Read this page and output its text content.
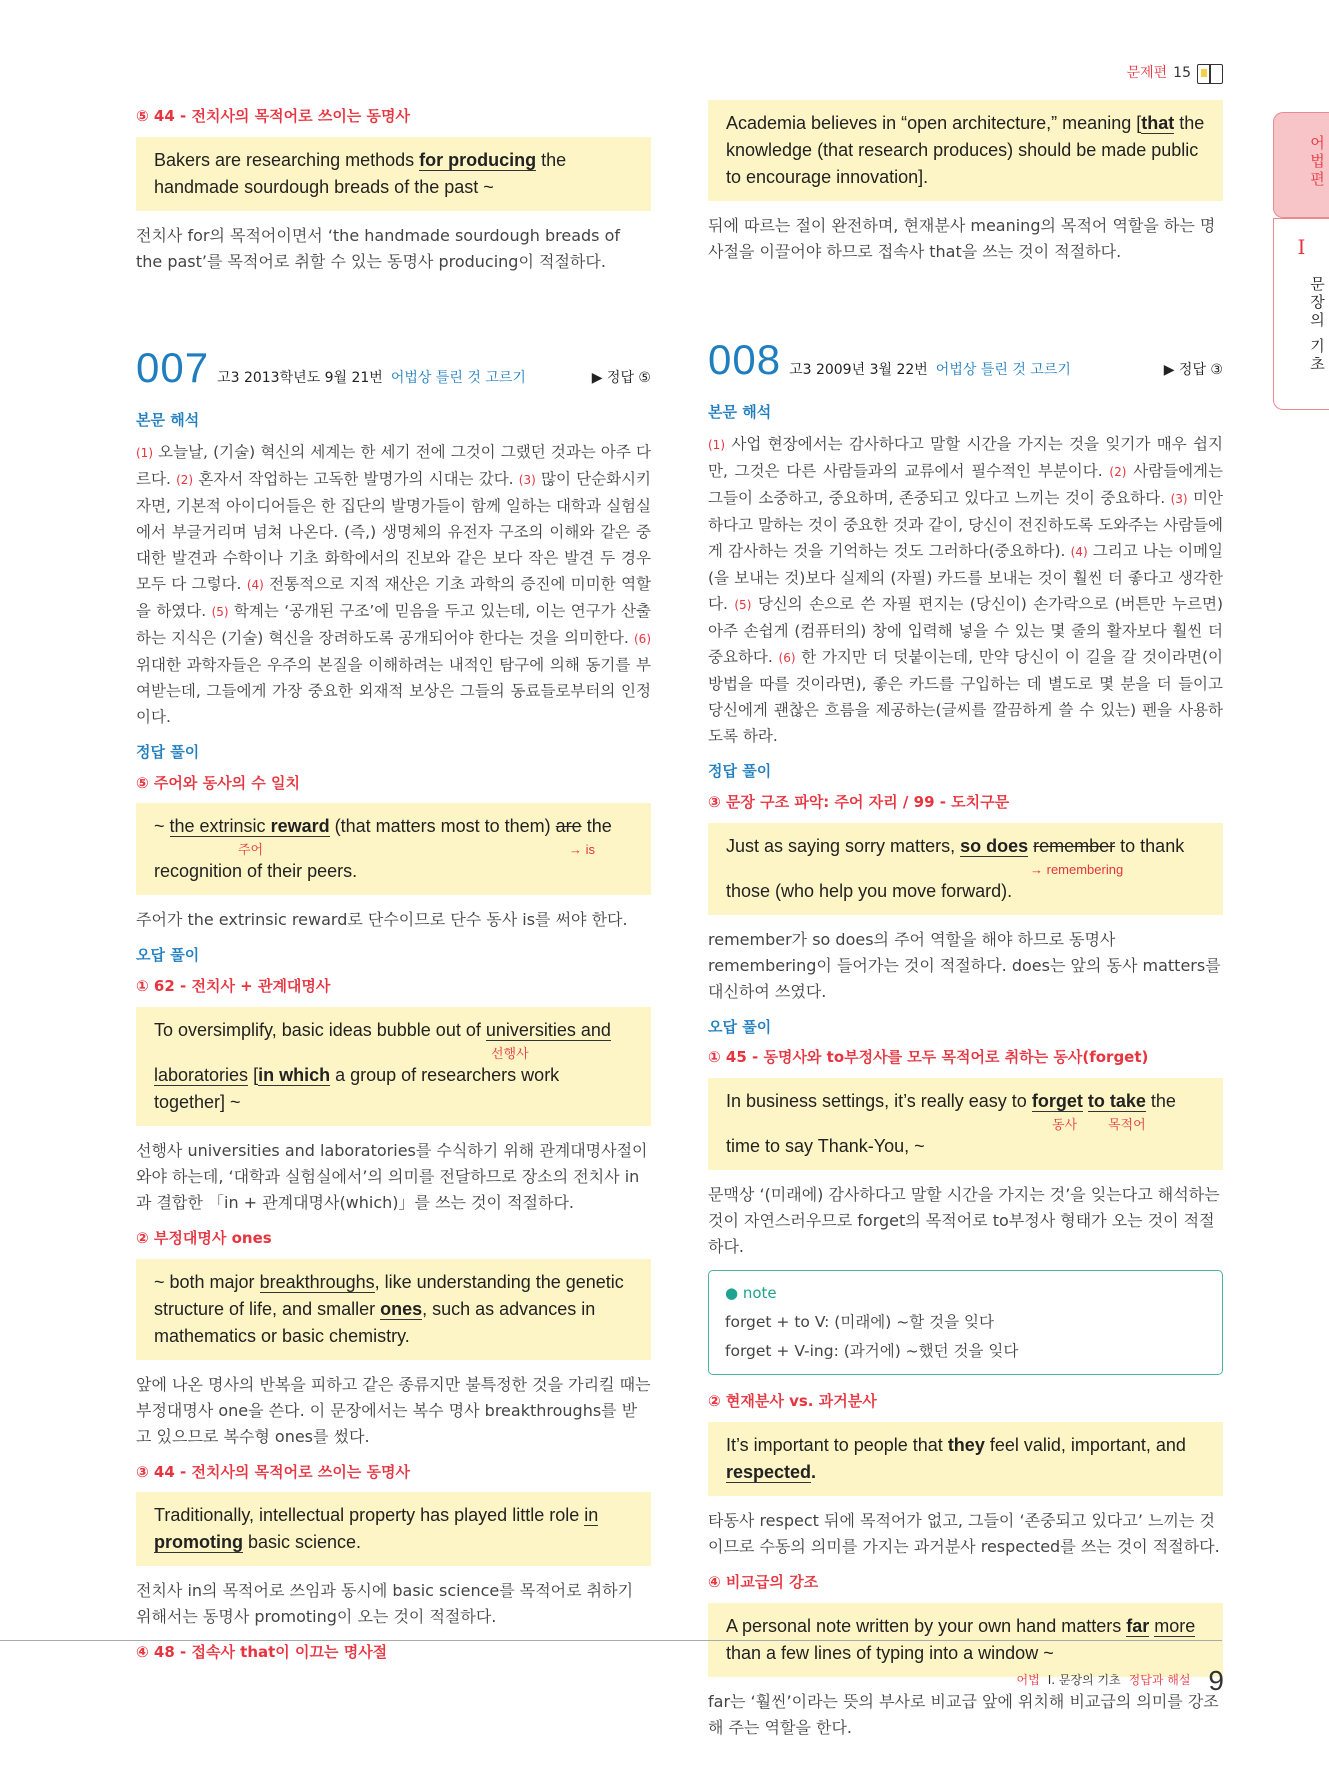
문제편 15
어법편
I
문장의 기초
⑤ 44 - 전치사의 목적어로 쓰이는 동명사
Bakers are researching methods for producing the handmade sourdough breads of the past ~
전치사 for의 목적어이면서 ‘the handmade sourdough breads of the past’를 목적어로 취할 수 있는 동명사 producing이 적절하다.
007 고3 2013학년도 9월 21번 어법상 틀린 것 고르기	▶ 정답 ⑤
본문 해석
(1) 오늘날, (기술) 혁신의 세계는 한 세기 전에 그것이 그랬던 것과는 아주 다르다. (2) 혼자서 작업하는 고독한 발명가의 시대는 갔다. (3) 많이 단순화시키자면, 기본적 아이디어들은 한 집단의 발명가들이 함께 일하는 대학과 실험실에서 부글거리며 넘쳐 나온다. (즉,) 생명체의 유전자 구조의 이해와 같은 중대한 발견과 수학이나 기초 화학에서의 진보와 같은 보다 작은 발견 두 경우 모두 다 그렇다. (4) 전통적으로 지적 재산은 기초 과학의 증진에 미미한 역할을 하였다. (5) 학계는 ‘공개된 구조’에 믿음을 두고 있는데, 이는 연구가 산출하는 지식은 (기술) 혁신을 장려하도록 공개되어야 한다는 것을 의미한다. (6) 위대한 과학자들은 우주의 본질을 이해하려는 내적인 탐구에 의해 동기를 부여받는데, 그들에게 가장 중요한 외재적 보상은 그들의 동료들로부터의 인정이다.
정답 풀이
⑤ 주어와 동사의 수 일치
~ the extrinsic reward (that matters most to them) are the
주어	→ is
recognition of their peers.
주어가 the extrinsic reward로 단수이므로 단수 동사 is를 써야 한다.
오답 풀이
① 62 - 전치사 + 관계대명사
To oversimplify, basic ideas bubble out of universities and
선행사
laboratories [in which a group of researchers work together] ~
선행사 universities and laboratories를 수식하기 위해 관계대명사절이 와야 하는데, ‘대학과 실험실에서’의 의미를 전달하므로 장소의 전치사 in과 결합한 「in + 관계대명사(which)」를 쓰는 것이 적절하다.
② 부정대명사 ones
~ both major breakthroughs, like understanding the genetic structure of life, and smaller ones, such as advances in mathematics or basic chemistry.
앞에 나온 명사의 반복을 피하고 같은 종류지만 불특정한 것을 가리킬 때는 부정대명사 one을 쓴다. 이 문장에서는 복수 명사 breakthroughs를 받고 있으므로 복수형 ones를 썼다.
③ 44 - 전치사의 목적어로 쓰이는 동명사
Traditionally, intellectual property has played little role in
promoting basic science.
전치사 in의 목적어로 쓰임과 동시에 basic science를 목적어로 취하기 위해서는 동명사 promoting이 오는 것이 적절하다.
④ 48 - 접속사 that이 이끄는 명사절
Academia believes in “open architecture,” meaning [that the knowledge (that research produces) should be made public to encourage innovation].
뒤에 따르는 절이 완전하며, 현재분사 meaning의 목적어 역할을 하는 명사절을 이끌어야 하므로 접속사 that을 쓰는 것이 적절하다.
008 고3 2009년 3월 22번 어법상 틀린 것 고르기	▶ 정답 ③
본문 해석
(1) 사업 현장에서는 감사하다고 말할 시간을 가지는 것을 잊기가 매우 쉽지만, 그것은 다른 사람들과의 교류에서 필수적인 부분이다. (2) 사람들에게는 그들이 소중하고, 중요하며, 존중되고 있다고 느끼는 것이 중요하다. (3) 미안하다고 말하는 것이 중요한 것과 같이, 당신이 전진하도록 도와주는 사람들에게 감사하는 것을 기억하는 것도 그러하다(중요하다). (4) 그리고 나는 이메일(을 보내는 것)보다 실제의 (자필) 카드를 보내는 것이 훨씬 더 좋다고 생각한다. (5) 당신의 손으로 쓴 자필 편지는 (당신이) 손가락으로 (버튼만 누르면) 아주 손쉽게 (컴퓨터의) 창에 입력해 넣을 수 있는 몇 줄의 활자보다 훨씬 더 중요하다. (6) 한 가지만 더 덧붙이는데, 만약 당신이 이 길을 갈 것이라면(이 방법을 따를 것이라면), 좋은 카드를 구입하는 데 별도로 몇 분을 더 들이고 당신에게 괜찮은 흐름을 제공하는(글씨를 깔끔하게 쓸 수 있는) 펜을 사용하도록 하라.
정답 풀이
③ 문장 구조 파악: 주어 자리 / 99 - 도치구문
Just as saying sorry matters, so does remember to thank
→ remembering
those (who help you move forward).
remember가 so does의 주어 역할을 해야 하므로 동명사 remembering이 들어가는 것이 적절하다. does는 앞의 동사 matters를 대신하여 쓰였다.
오답 풀이
① 45 - 동명사와 to부정사를 모두 목적어로 취하는 동사(forget)
In business settings, it’s really easy to forget to take the
동사 목적어
time to say Thank-You, ~
문맥상 ‘(미래에) 감사하다고 말할 시간을 가지는 것’을 잊는다고 해석하는 것이 자연스러우므로 forget의 목적어로 to부정사 형태가 오는 것이 적절하다.
● note
forget + to V: (미래에) ~할 것을 잊다
forget + V-ing: (과거에) ~했던 것을 잊다
② 현재분사 vs. 과거분사
It’s important to people that they feel valid, important, and respected.
타동사 respect 뒤에 목적어가 없고, 그들이 ‘존중되고 있다고’ 느끼는 것이므로 수동의 의미를 가지는 과거분사 respected를 쓰는 것이 적절하다.
④ 비교급의 강조
A personal note written by your own hand matters far more than a few lines of typing into a window ~
far는 ‘훨씬’이라는 뜻의 부사로 비교급 앞에 위치해 비교급의 의미를 강조해 주는 역할을 한다.
어법 I. 문장의 기초 정답과 해설 9
